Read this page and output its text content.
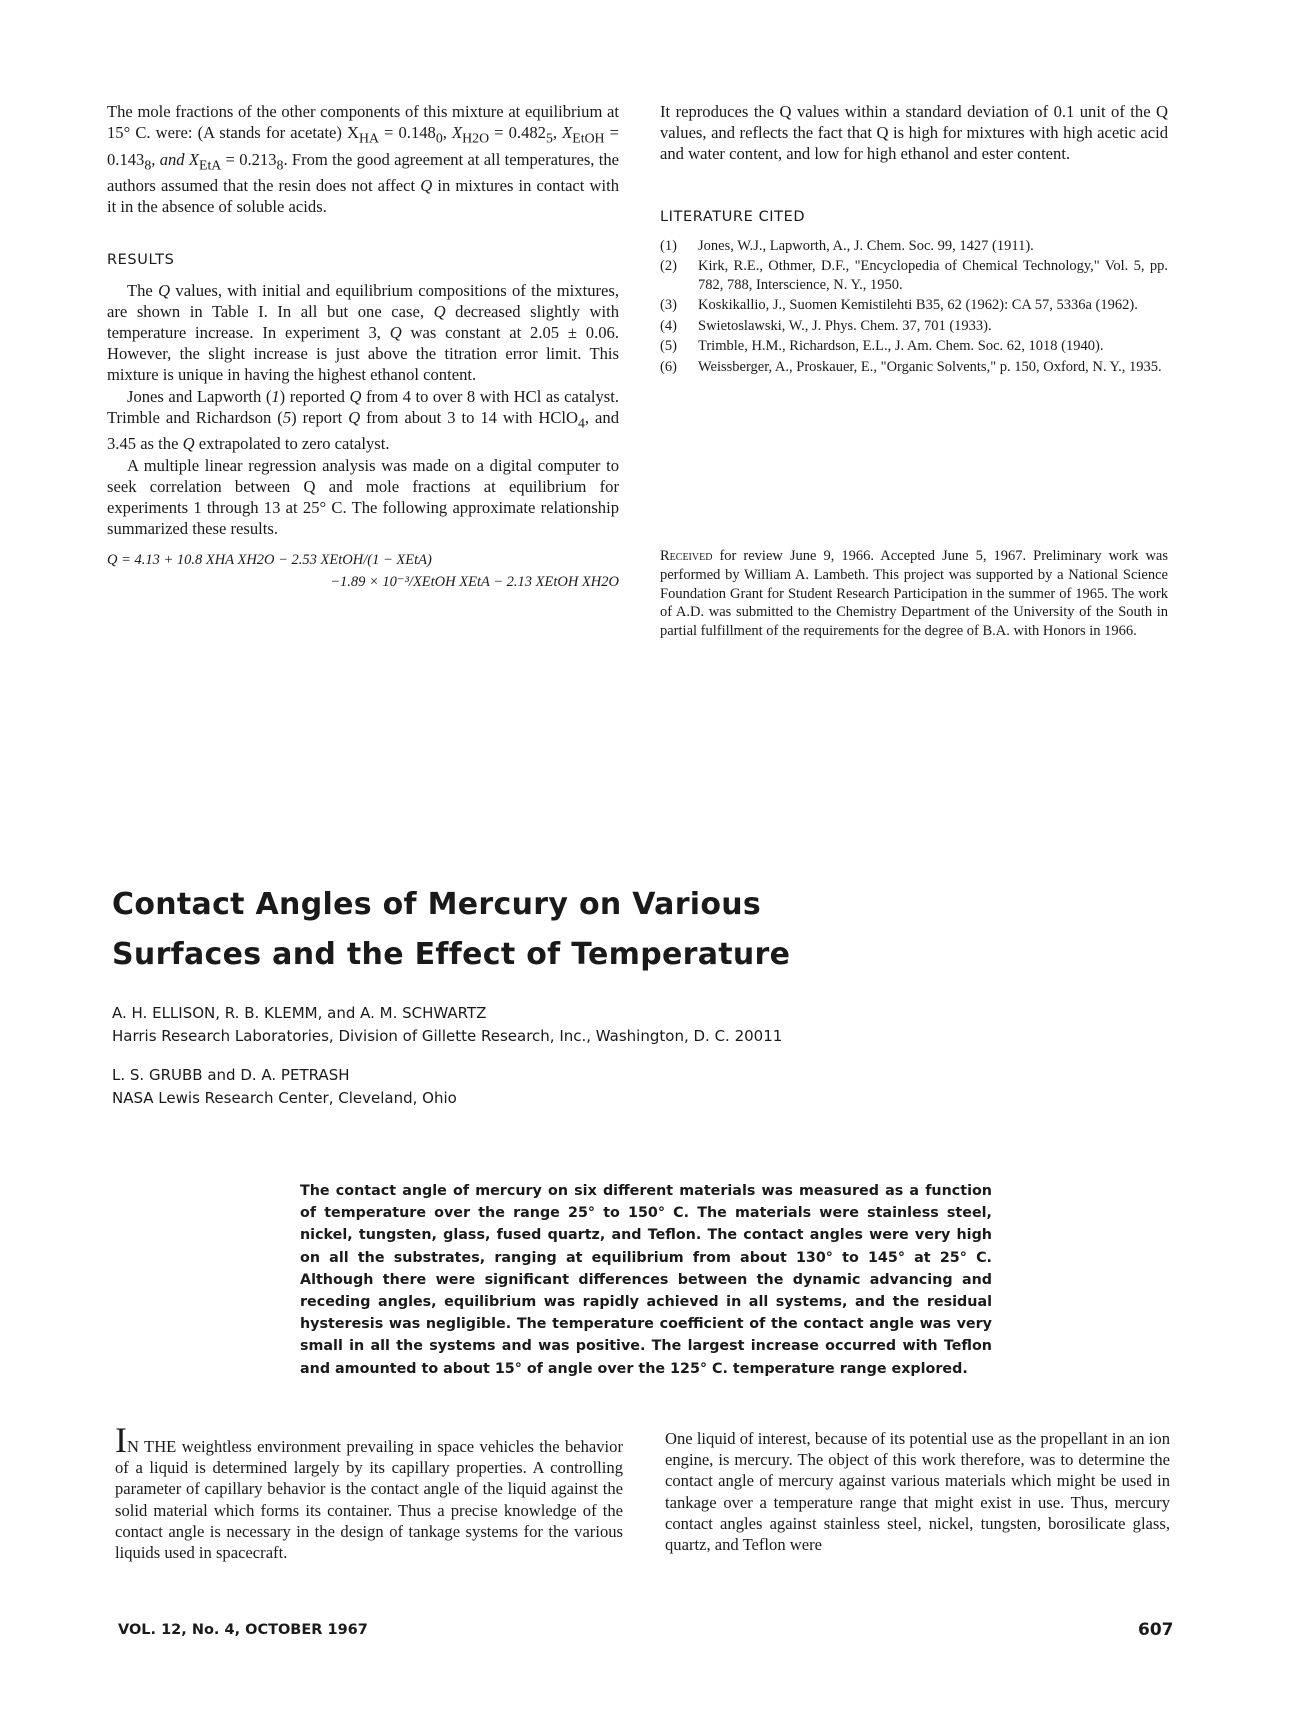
The mole fractions of the other components of this mixture at equilibrium at 15° C. were: (A stands for acetate) $X_{HA} = 0.148_0$, $X_{H2O} = 0.482_5$, $X_{EtOH} = 0.143_8$, and $X_{EtA} = 0.213_8$. From the good agreement at all temperatures, the authors assumed that the resin does not affect Q in mixtures in contact with it in the absence of soluble acids.

RESULTS

The Q values, with initial and equilibrium compositions of the mixtures, are shown in Table I. In all but one case, Q decreased slightly with temperature increase. In experiment 3, Q was constant at 2.05 ± 0.06. However, the slight increase is just above the titration error limit. This mixture is unique in having the highest ethanol content.

Jones and Lapworth (1) reported Q from 4 to over 8 with HCl as catalyst. Trimble and Richardson (5) report Q from about 3 to 14 with HClO$_4$, and 3.45 as the Q extrapolated to zero catalyst.

A multiple linear regression analysis was made on a digital computer to seek correlation between Q and mole fractions at equilibrium for experiments 1 through 13 at 25° C. The following approximate relationship summarized these results.

Q = 4.13 + 10.8 XHA XH2O − 2.53 XEtOH/(1 − XEtA)
−1.89 × 10⁻³/XEtOH XEtA − 2.13 XEtOH XH2O

It reproduces the Q values within a standard deviation of 0.1 unit of the Q values, and reflects the fact that Q is high for mixtures with high acetic acid and water content, and low for high ethanol and ester content.

LITERATURE CITED

(1)	Jones, W.J., Lapworth, A., J. Chem. Soc. 99, 1427 (1911).
(2)	Kirk, R.E., Othmer, D.F., "Encyclopedia of Chemical Technology," Vol. 5, pp. 782, 788, Interscience, N. Y., 1950.
(3)	Koskikallio, J., Suomen Kemistilehti B35, 62 (1962): CA 57, 5336a (1962).
(4)	Swietoslawski, W., J. Phys. Chem. 37, 701 (1933).
(5)	Trimble, H.M., Richardson, E.L., J. Am. Chem. Soc. 62, 1018 (1940).
(6)	Weissberger, A., Proskauer, E., "Organic Solvents," p. 150, Oxford, N. Y., 1935.

Received for review June 9, 1966. Accepted June 5, 1967. Preliminary work was performed by William A. Lambeth. This project was supported by a National Science Foundation Grant for Student Research Participation in the summer of 1965. The work of A.D. was submitted to the Chemistry Department of the University of the South in partial fulfillment of the requirements for the degree of B.A. with Honors in 1966.

Contact Angles of Mercury on Various

Surfaces and the Effect of Temperature

A. H. ELLISON, R. B. KLEMM, and A. M. SCHWARTZ

Harris Research Laboratories, Division of Gillette Research, Inc., Washington, D. C. 20011

L. S. GRUBB and D. A. PETRASH

NASA Lewis Research Center, Cleveland, Ohio

The contact angle of mercury on six different materials was measured as a function of temperature over the range 25° to 150° C. The materials were stainless steel, nickel, tungsten, glass, fused quartz, and Teflon. The contact angles were very high on all the substrates, ranging at equilibrium from about 130° to 145° at 25° C. Although there were significant differences between the dynamic advancing and receding angles, equilibrium was rapidly achieved in all systems, and the residual hysteresis was negligible. The temperature coefficient of the contact angle was very small in all the systems and was positive. The largest increase occurred with Teflon and amounted to about 15° of angle over the 125° C. temperature range explored.

IN THE weightless environment prevailing in space vehicles the behavior of a liquid is determined largely by its capillary properties. A controlling parameter of capillary behavior is the contact angle of the liquid against the solid material which forms its container. Thus a precise knowledge of the contact angle is necessary in the design of tankage systems for the various liquids used in spacecraft.

One liquid of interest, because of its potential use as the propellant in an ion engine, is mercury. The object of this work therefore, was to determine the contact angle of mercury against various materials which might be used in tankage over a temperature range that might exist in use. Thus, mercury contact angles against stainless steel, nickel, tungsten, borosilicate glass, quartz, and Teflon were

VOL. 12, No. 4, OCTOBER 1967	607
